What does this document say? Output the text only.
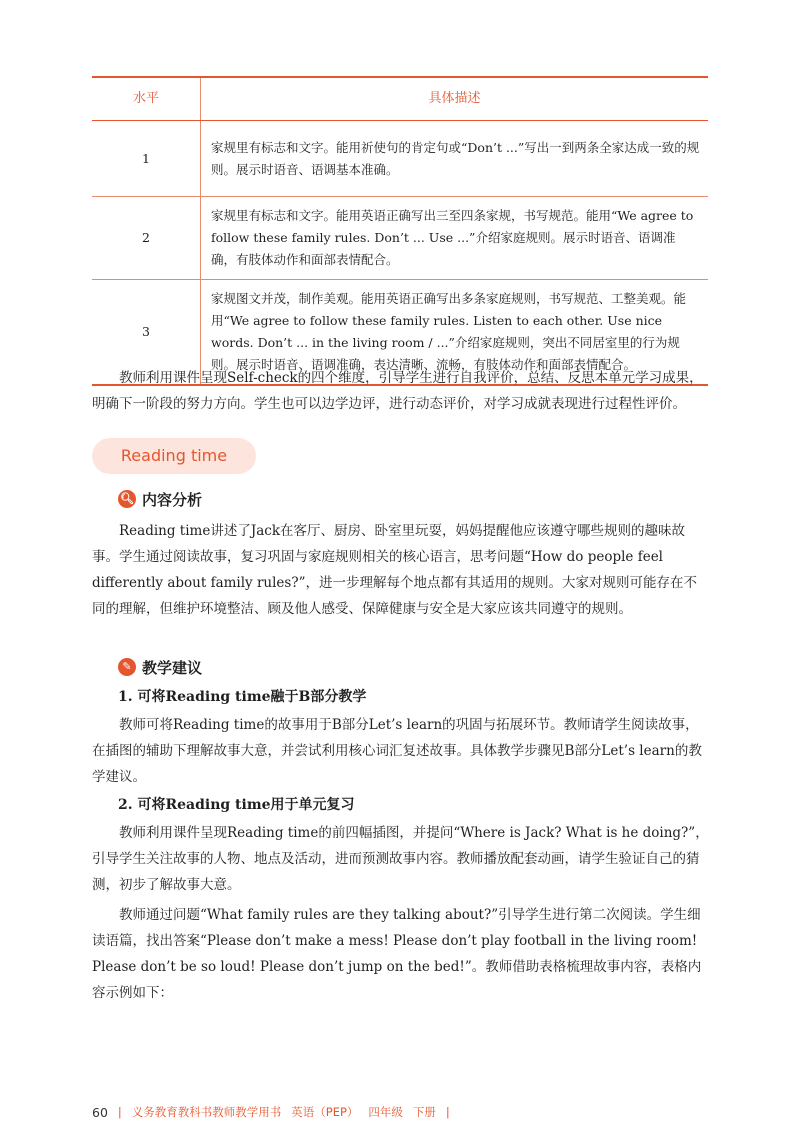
水平	具体描述
1	家规里有标志和文字。能用祈使句的肯定句或“Don’t ...”写出一到两条全家达成一致的规则。展示时语音、语调基本准确。
2	家规里有标志和文字。能用英语正确写出三至四条家规，书写规范。能用“We agree to follow these family rules. Don’t ... Use ...”介绍家庭规则。展示时语音、语调准确，有肢体动作和面部表情配合。
3	家规图文并茂，制作美观。能用英语正确写出多条家庭规则，书写规范、工整美观。能用“We agree to follow these family rules. Listen to each other. Use nice words. Don’t ... in the living room / ...”介绍家庭规则，突出不同居室里的行为规则。展示时语音、语调准确，表达清晰、流畅，有肢体动作和面部表情配合。
教师利用课件呈现Self-check的四个维度，引导学生进行自我评价，总结、反思本单元学习成果，明确下一阶段的努力方向。学生也可以边学边评，进行动态评价，对学习成就表现进行过程性评价。
Reading time
🔍︎ 内容分析
Reading time讲述了Jack在客厅、厨房、卧室里玩耍，妈妈提醒他应该遵守哪些规则的趣味故事。学生通过阅读故事，复习巩固与家庭规则相关的核心语言，思考问题“How do people feel differently about family rules?”，进一步理解每个地点都有其适用的规则。大家对规则可能存在不同的理解，但维护环境整洁、顾及他人感受、保障健康与安全是大家应该共同遵守的规则。
✎ 教学建议
1. 可将Reading time融于B部分教学
教师可将Reading time的故事用于B部分Let’s learn的巩固与拓展环节。教师请学生阅读故事，在插图的辅助下理解故事大意，并尝试利用核心词汇复述故事。具体教学步骤见B部分Let’s learn的教学建议。
2. 可将Reading time用于单元复习
教师利用课件呈现Reading time的前四幅插图，并提问“Where is Jack? What is he doing?”，引导学生关注故事的人物、地点及活动，进而预测故事内容。教师播放配套动画，请学生验证自己的猜测，初步了解故事大意。
教师通过问题“What family rules are they talking about?”引导学生进行第二次阅读。学生细读语篇，找出答案“Please don’t make a mess! Please don’t play football in the living room! Please don’t be so loud! Please don’t jump on the bed!”。教师借助表格梳理故事内容，表格内容示例如下：
60 | 义务教育教科书教师教学用书 英语（PEP） 四年级 下册 |
